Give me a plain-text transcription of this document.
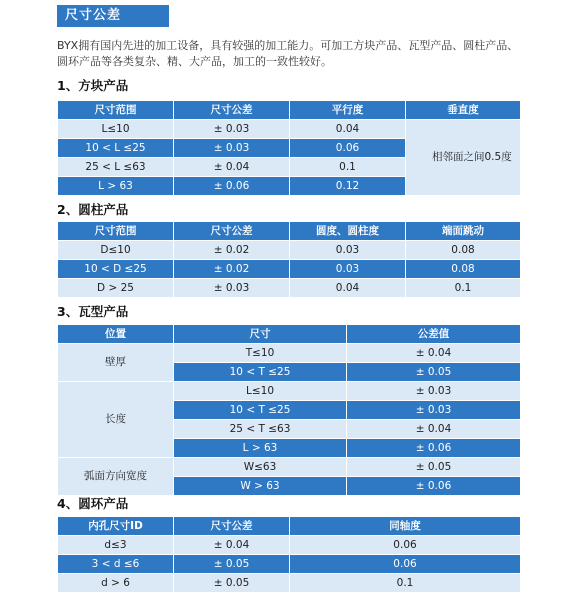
尺寸公差
BYX拥有国内先进的加工设备，具有较强的加工能力。可加工方块产品、瓦型产品、圆柱产品、圆环产品等各类复杂、精、大产品，加工的一致性较好。
1、方块产品
尺寸范围	尺寸公差	平行度	垂直度
L≤10	± 0.03	0.04	相邻面之间0.5度
10 < L ≤25	± 0.03	0.06	
25 < L ≤63	± 0.04	0.1	
L > 63	± 0.06	0.12	
2、圆柱产品
尺寸范围	尺寸公差	圆度、圆柱度	端面跳动
D≤10	± 0.02	0.03	0.08
10 < D ≤25	± 0.02	0.03	0.08
D > 25	± 0.03	0.04	0.1
3、瓦型产品
位置	尺寸	公差值
壁厚	T≤10	± 0.04
	10 < T ≤25	± 0.05
长度	L≤10	± 0.03
	10 < T ≤25	± 0.03
	25 < T ≤63	± 0.04
	L > 63	± 0.06
弧面方向宽度	W≤63	± 0.05
	W > 63	± 0.06
4、圆环产品
内孔尺寸ID	尺寸公差	同轴度
d≤3	± 0.04	0.06
3 < d ≤6	± 0.05	0.06
d > 6	± 0.05	0.1
